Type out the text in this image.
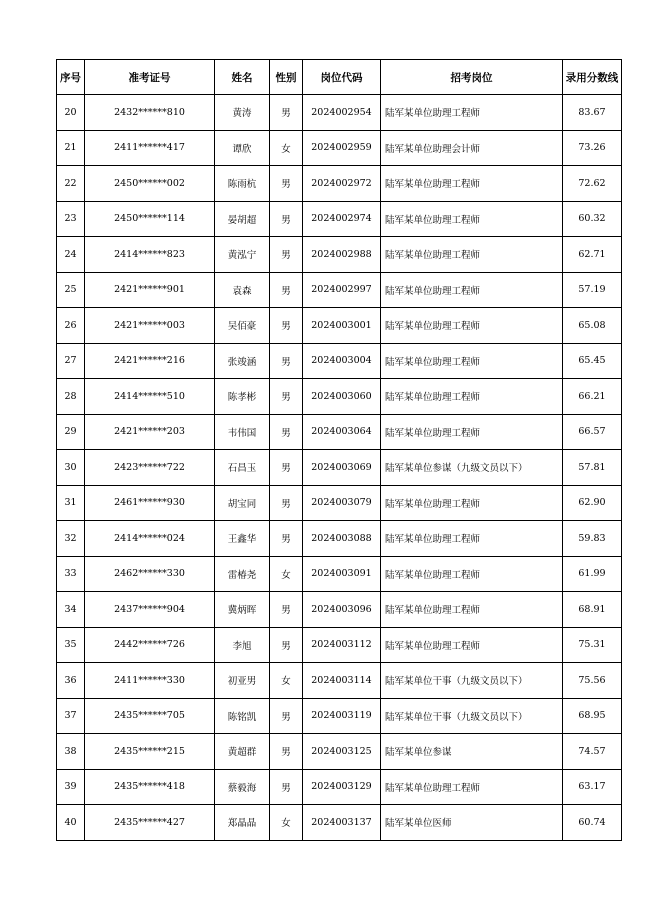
序号	准考证号	姓名	性别	岗位代码	招考岗位	录用分数线
20	2432******810	黄涛	男	2024002954	陆军某单位助理工程师	83.67
21	2411******417	谭欣	女	2024002959	陆军某单位助理会计师	73.26
22	2450******002	陈雨杭	男	2024002972	陆军某单位助理工程师	72.62
23	2450******114	晏胡超	男	2024002974	陆军某单位助理工程师	60.32
24	2414******823	黄泓宁	男	2024002988	陆军某单位助理工程师	62.71
25	2421******901	袁森	男	2024002997	陆军某单位助理工程师	57.19
26	2421******003	吴佰豪	男	2024003001	陆军某单位助理工程师	65.08
27	2421******216	张竣涵	男	2024003004	陆军某单位助理工程师	65.45
28	2414******510	陈孝彬	男	2024003060	陆军某单位助理工程师	66.21
29	2421******203	韦伟国	男	2024003064	陆军某单位助理工程师	66.57
30	2423******722	石昌玉	男	2024003069	陆军某单位参谋（九级文员以下）	57.81
31	2461******930	胡宝同	男	2024003079	陆军某单位助理工程师	62.90
32	2414******024	王鑫华	男	2024003088	陆军某单位助理工程师	59.83
33	2462******330	雷椿尧	女	2024003091	陆军某单位助理工程师	61.99
34	2437******904	冀炳晖	男	2024003096	陆军某单位助理工程师	68.91
35	2442******726	李旭	男	2024003112	陆军某单位助理工程师	75.31
36	2411******330	初亚男	女	2024003114	陆军某单位干事（九级文员以下）	75.56
37	2435******705	陈铭凯	男	2024003119	陆军某单位干事（九级文员以下）	68.95
38	2435******215	黄超群	男	2024003125	陆军某单位参谋	74.57
39	2435******418	蔡毅海	男	2024003129	陆军某单位助理工程师	63.17
40	2435******427	郑晶晶	女	2024003137	陆军某单位医师	60.74
